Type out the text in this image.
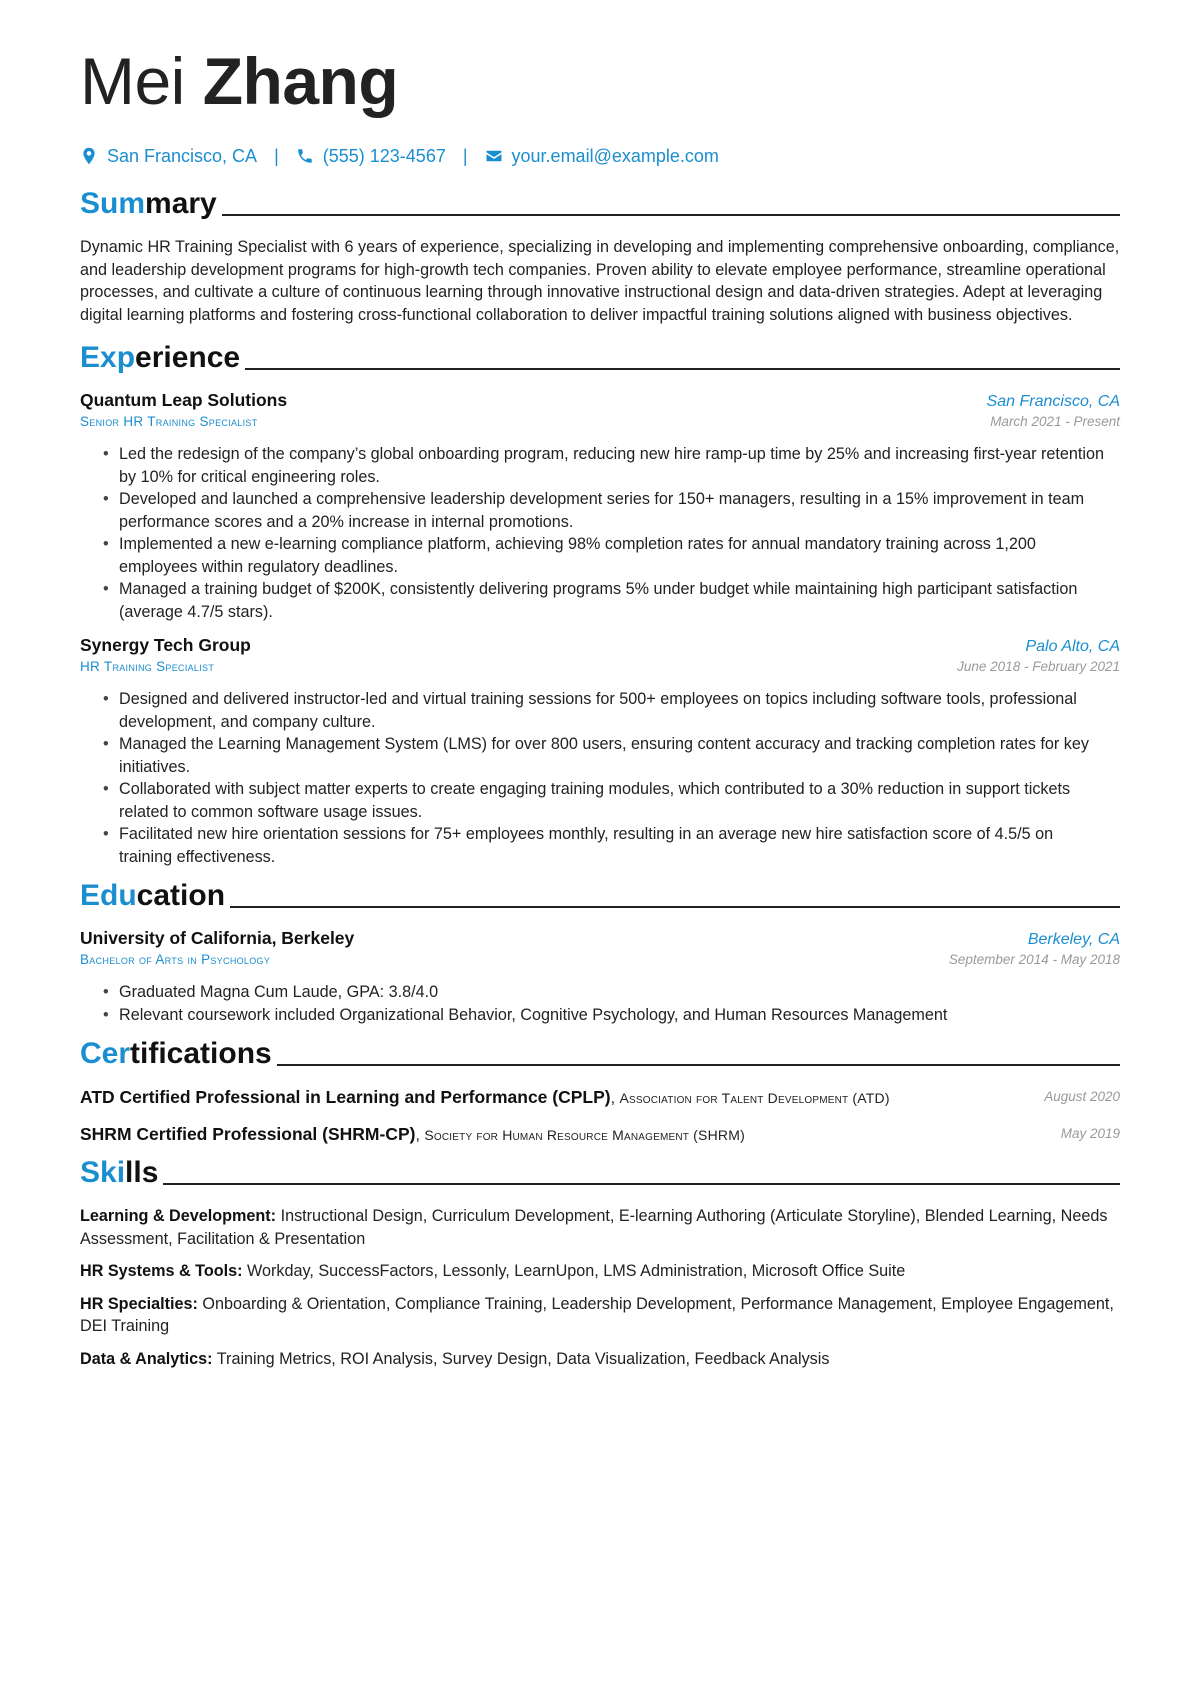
Mei Zhang
San Francisco, CA | (555) 123-4567 | your.email@example.com
Summary
Dynamic HR Training Specialist with 6 years of experience, specializing in developing and implementing comprehensive onboarding, compliance, and leadership development programs for high-growth tech companies. Proven ability to elevate employee performance, streamline operational processes, and cultivate a culture of continuous learning through innovative instructional design and data-driven strategies. Adept at leveraging digital learning platforms and fostering cross-functional collaboration to deliver impactful training solutions aligned with business objectives.
Experience
Quantum Leap Solutions	San Francisco, CA
Senior HR Training Specialist	March 2021 - Present
• Led the redesign of the company’s global onboarding program, reducing new hire ramp-up time by 25% and increasing first-year retention by 10% for critical engineering roles.
• Developed and launched a comprehensive leadership development series for 150+ managers, resulting in a 15% improvement in team performance scores and a 20% increase in internal promotions.
• Implemented a new e-learning compliance platform, achieving 98% completion rates for annual mandatory training across 1,200 employees within regulatory deadlines.
• Managed a training budget of $200K, consistently delivering programs 5% under budget while maintaining high participant satisfaction (average 4.7/5 stars).
Synergy Tech Group	Palo Alto, CA
HR Training Specialist	June 2018 - February 2021
• Designed and delivered instructor-led and virtual training sessions for 500+ employees on topics including software tools, professional development, and company culture.
• Managed the Learning Management System (LMS) for over 800 users, ensuring content accuracy and tracking completion rates for key initiatives.
• Collaborated with subject matter experts to create engaging training modules, which contributed to a 30% reduction in support tickets related to common software usage issues.
• Facilitated new hire orientation sessions for 75+ employees monthly, resulting in an average new hire satisfaction score of 4.5/5 on training effectiveness.
Education
University of California, Berkeley	Berkeley, CA
Bachelor of Arts in Psychology	September 2014 - May 2018
• Graduated Magna Cum Laude, GPA: 3.8/4.0
• Relevant coursework included Organizational Behavior, Cognitive Psychology, and Human Resources Management
Certifications
ATD Certified Professional in Learning and Performance (CPLP), Association for Talent Development (ATD)	August 2020
SHRM Certified Professional (SHRM-CP), Society for Human Resource Management (SHRM)	May 2019
Skills
Learning & Development: Instructional Design, Curriculum Development, E-learning Authoring (Articulate Storyline), Blended Learning, Needs Assessment, Facilitation & Presentation
HR Systems & Tools: Workday, SuccessFactors, Lessonly, LearnUpon, LMS Administration, Microsoft Office Suite
HR Specialties: Onboarding & Orientation, Compliance Training, Leadership Development, Performance Management, Employee Engagement, DEI Training
Data & Analytics: Training Metrics, ROI Analysis, Survey Design, Data Visualization, Feedback Analysis
